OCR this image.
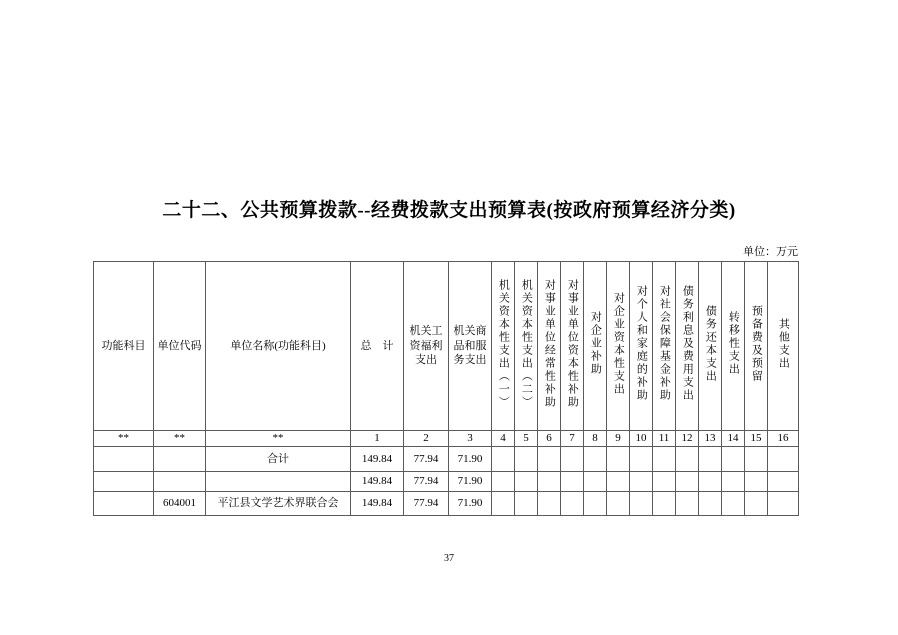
二十二、公共预算拨款--经费拨款支出预算表(按政府预算经济分类)
单位：万元
功能科目	单位代码	单位名称(功能科目)	总　计	机关工资福利支出	机关商品和服务支出	机关资本性支出（一）	机关资本性支出（二）	对事业单位经常性补助	对事业单位资本性补助	对企业补助	对企业资本性支出	对个人和家庭的补助	对社会保障基金补助	债务利息及费用支出	债务还本支出	转移性支出	预备费及预留	其他支出
**	**	**	1	2	3	4	5	6	7	8	9	10	11	12	13	14	15	16
		合计	149.84	77.94	71.90													
			149.84	77.94	71.90													
	604001	平江县文学艺术界联合会	149.84	77.94	71.90													
37
